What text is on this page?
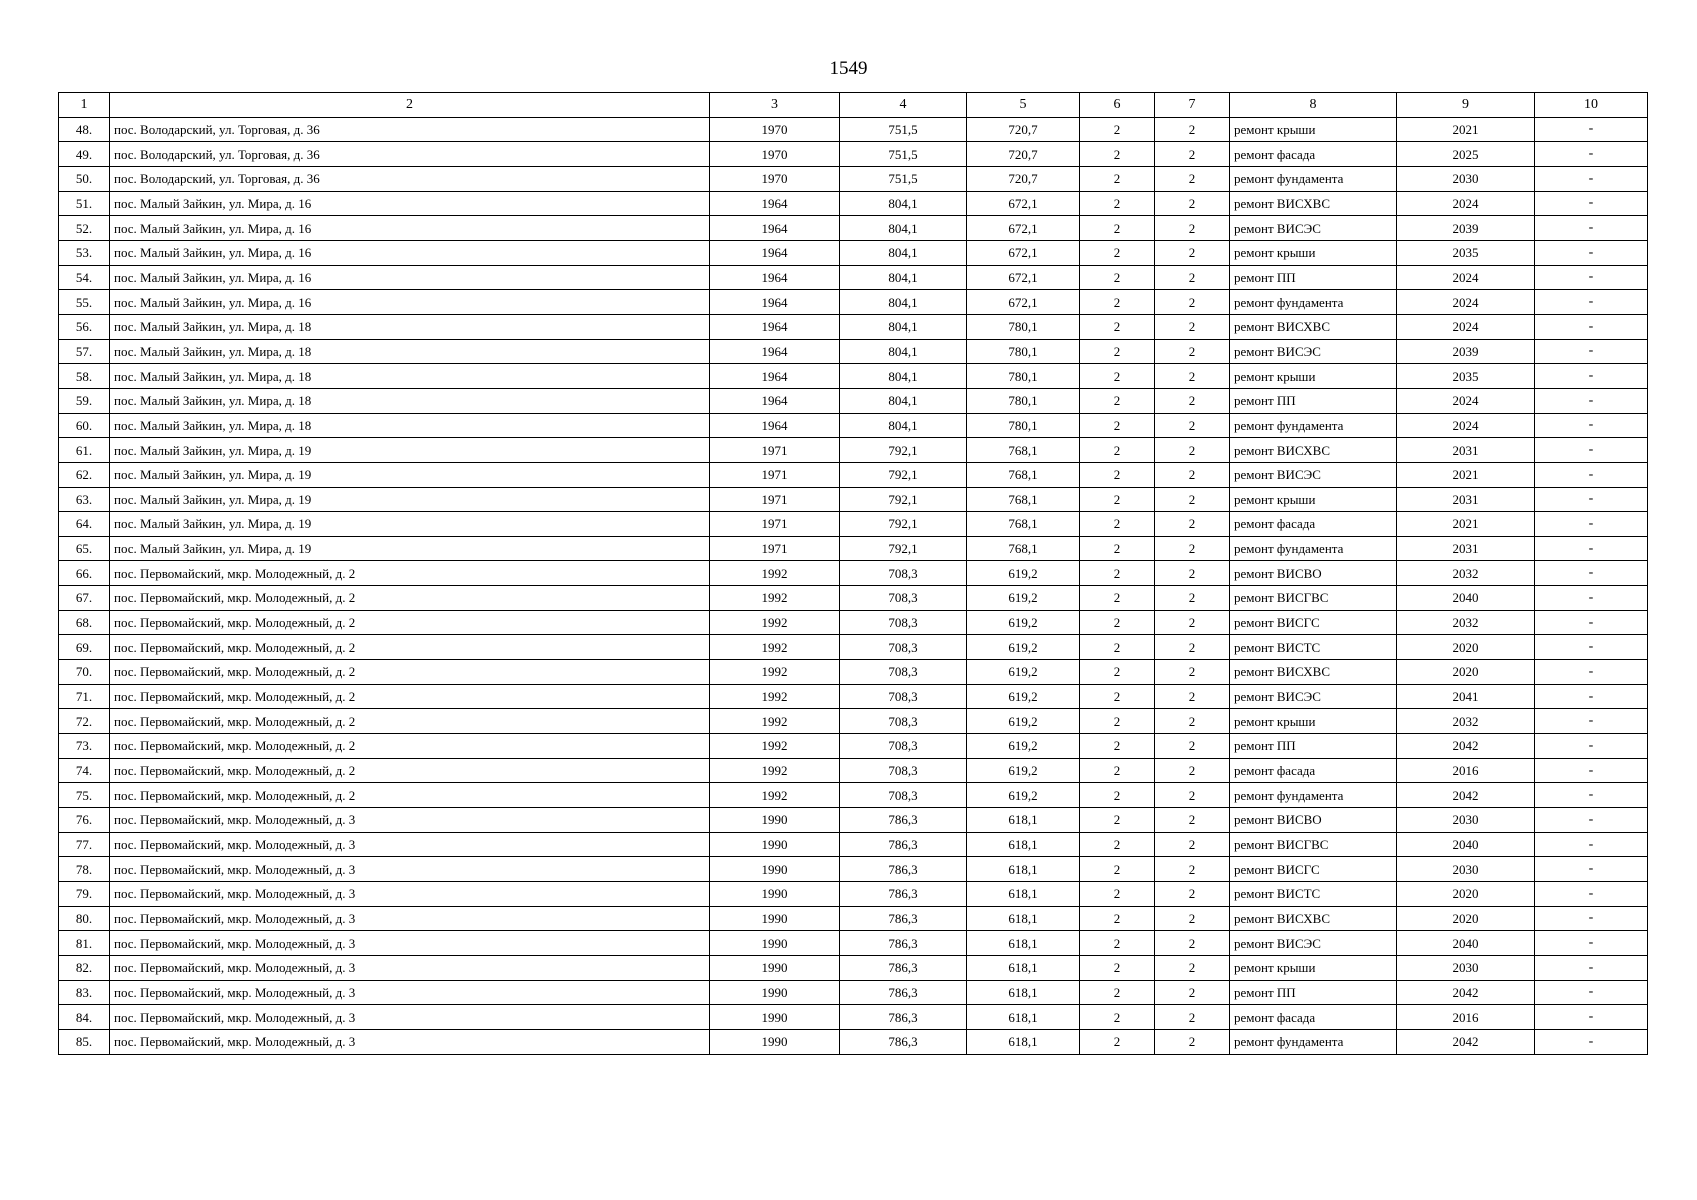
1549
1	2	3	4	5	6	7	8	9	10
48.	пос. Володарский, ул. Торговая, д. 36	1970	751,5	720,7	2	2	ремонт крыши	2021	-
49.	пос. Володарский, ул. Торговая, д. 36	1970	751,5	720,7	2	2	ремонт фасада	2025	-
50.	пос. Володарский, ул. Торговая, д. 36	1970	751,5	720,7	2	2	ремонт фундамента	2030	-
51.	пос. Малый Зайкин, ул. Мира, д. 16	1964	804,1	672,1	2	2	ремонт ВИСХВС	2024	-
52.	пос. Малый Зайкин, ул. Мира, д. 16	1964	804,1	672,1	2	2	ремонт ВИСЭС	2039	-
53.	пос. Малый Зайкин, ул. Мира, д. 16	1964	804,1	672,1	2	2	ремонт крыши	2035	-
54.	пос. Малый Зайкин, ул. Мира, д. 16	1964	804,1	672,1	2	2	ремонт ПП	2024	-
55.	пос. Малый Зайкин, ул. Мира, д. 16	1964	804,1	672,1	2	2	ремонт фундамента	2024	-
56.	пос. Малый Зайкин, ул. Мира, д. 18	1964	804,1	780,1	2	2	ремонт ВИСХВС	2024	-
57.	пос. Малый Зайкин, ул. Мира, д. 18	1964	804,1	780,1	2	2	ремонт ВИСЭС	2039	-
58.	пос. Малый Зайкин, ул. Мира, д. 18	1964	804,1	780,1	2	2	ремонт крыши	2035	-
59.	пос. Малый Зайкин, ул. Мира, д. 18	1964	804,1	780,1	2	2	ремонт ПП	2024	-
60.	пос. Малый Зайкин, ул. Мира, д. 18	1964	804,1	780,1	2	2	ремонт фундамента	2024	-
61.	пос. Малый Зайкин, ул. Мира, д. 19	1971	792,1	768,1	2	2	ремонт ВИСХВС	2031	-
62.	пос. Малый Зайкин, ул. Мира, д. 19	1971	792,1	768,1	2	2	ремонт ВИСЭС	2021	-
63.	пос. Малый Зайкин, ул. Мира, д. 19	1971	792,1	768,1	2	2	ремонт крыши	2031	-
64.	пос. Малый Зайкин, ул. Мира, д. 19	1971	792,1	768,1	2	2	ремонт фасада	2021	-
65.	пос. Малый Зайкин, ул. Мира, д. 19	1971	792,1	768,1	2	2	ремонт фундамента	2031	-
66.	пос. Первомайский, мкр. Молодежный, д. 2	1992	708,3	619,2	2	2	ремонт ВИСВО	2032	-
67.	пос. Первомайский, мкр. Молодежный, д. 2	1992	708,3	619,2	2	2	ремонт ВИСГВС	2040	-
68.	пос. Первомайский, мкр. Молодежный, д. 2	1992	708,3	619,2	2	2	ремонт ВИСГС	2032	-
69.	пос. Первомайский, мкр. Молодежный, д. 2	1992	708,3	619,2	2	2	ремонт ВИСТС	2020	-
70.	пос. Первомайский, мкр. Молодежный, д. 2	1992	708,3	619,2	2	2	ремонт ВИСХВС	2020	-
71.	пос. Первомайский, мкр. Молодежный, д. 2	1992	708,3	619,2	2	2	ремонт ВИСЭС	2041	-
72.	пос. Первомайский, мкр. Молодежный, д. 2	1992	708,3	619,2	2	2	ремонт крыши	2032	-
73.	пос. Первомайский, мкр. Молодежный, д. 2	1992	708,3	619,2	2	2	ремонт ПП	2042	-
74.	пос. Первомайский, мкр. Молодежный, д. 2	1992	708,3	619,2	2	2	ремонт фасада	2016	-
75.	пос. Первомайский, мкр. Молодежный, д. 2	1992	708,3	619,2	2	2	ремонт фундамента	2042	-
76.	пос. Первомайский, мкр. Молодежный, д. 3	1990	786,3	618,1	2	2	ремонт ВИСВО	2030	-
77.	пос. Первомайский, мкр. Молодежный, д. 3	1990	786,3	618,1	2	2	ремонт ВИСГВС	2040	-
78.	пос. Первомайский, мкр. Молодежный, д. 3	1990	786,3	618,1	2	2	ремонт ВИСГС	2030	-
79.	пос. Первомайский, мкр. Молодежный, д. 3	1990	786,3	618,1	2	2	ремонт ВИСТС	2020	-
80.	пос. Первомайский, мкр. Молодежный, д. 3	1990	786,3	618,1	2	2	ремонт ВИСХВС	2020	-
81.	пос. Первомайский, мкр. Молодежный, д. 3	1990	786,3	618,1	2	2	ремонт ВИСЭС	2040	-
82.	пос. Первомайский, мкр. Молодежный, д. 3	1990	786,3	618,1	2	2	ремонт крыши	2030	-
83.	пос. Первомайский, мкр. Молодежный, д. 3	1990	786,3	618,1	2	2	ремонт ПП	2042	-
84.	пос. Первомайский, мкр. Молодежный, д. 3	1990	786,3	618,1	2	2	ремонт фасада	2016	-
85.	пос. Первомайский, мкр. Молодежный, д. 3	1990	786,3	618,1	2	2	ремонт фундамента	2042	-
